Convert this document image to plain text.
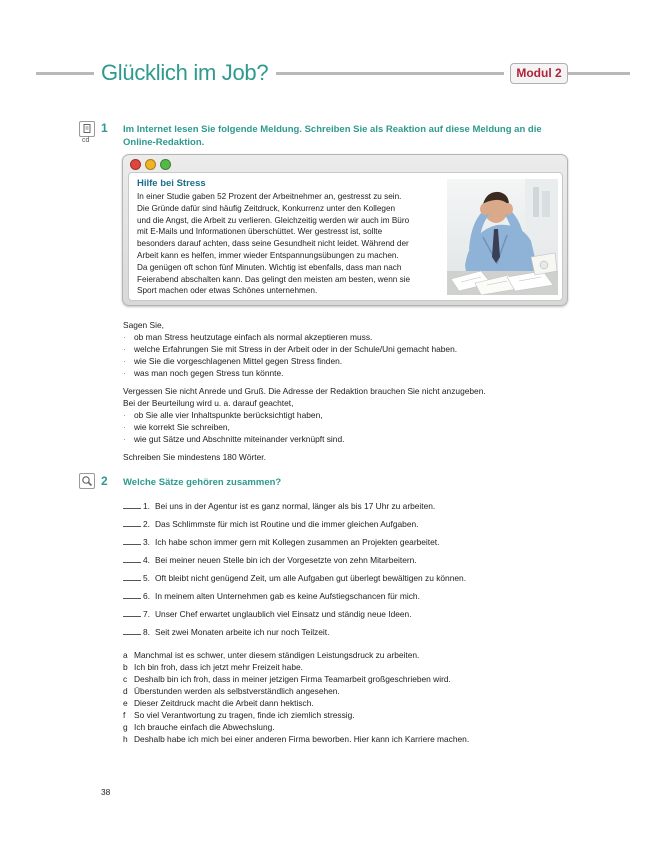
Glücklich im Job?	Modul 2
cd
1 Im Internet lesen Sie folgende Meldung. Schreiben Sie als Reaktion auf diese Meldung an die
Online-Redaktion.
Hilfe bei Stress
In einer Studie gaben 52 Prozent der Arbeitnehmer an, gestresst zu sein.
Die Gründe dafür sind häufig Zeitdruck, Konkurrenz unter den Kollegen
und die Angst, die Arbeit zu verlieren. Gleichzeitig werden wir auch im Büro
mit E-Mails und Informationen überschüttet. Wer gestresst ist, sollte
besonders darauf achten, dass seine Gesundheit nicht leidet. Während der
Arbeit kann es helfen, immer wieder Entspannungsübungen zu machen.
Da genügen oft schon fünf Minuten. Wichtig ist ebenfalls, dass man nach
Feierabend abschalten kann. Das gelingt den meisten am besten, wenn sie
Sport machen oder etwas Schönes unternehmen.
Sagen Sie,
· ob man Stress heutzutage einfach als normal akzeptieren muss.
· welche Erfahrungen Sie mit Stress in der Arbeit oder in der Schule/Uni gemacht haben.
· wie Sie die vorgeschlagenen Mittel gegen Stress finden.
· was man noch gegen Stress tun könnte.
Vergessen Sie nicht Anrede und Gruß. Die Adresse der Redaktion brauchen Sie nicht anzugeben.
Bei der Beurteilung wird u. a. darauf geachtet,
· ob Sie alle vier Inhaltspunkte berücksichtigt haben,
· wie korrekt Sie schreiben,
· wie gut Sätze und Abschnitte miteinander verknüpft sind.
Schreiben Sie mindestens 180 Wörter.
2 Welche Sätze gehören zusammen?
1. Bei uns in der Agentur ist es ganz normal, länger als bis 17 Uhr zu arbeiten.
2. Das Schlimmste für mich ist Routine und die immer gleichen Aufgaben.
3. Ich habe schon immer gern mit Kollegen zusammen an Projekten gearbeitet.
4. Bei meiner neuen Stelle bin ich der Vorgesetzte von zehn Mitarbeitern.
5. Oft bleibt nicht genügend Zeit, um alle Aufgaben gut überlegt bewältigen zu können.
6. In meinem alten Unternehmen gab es keine Aufstiegschancen für mich.
7. Unser Chef erwartet unglaublich viel Einsatz und ständig neue Ideen.
8. Seit zwei Monaten arbeite ich nur noch Teilzeit.
a Manchmal ist es schwer, unter diesem ständigen Leistungsdruck zu arbeiten.
b Ich bin froh, dass ich jetzt mehr Freizeit habe.
c Deshalb bin ich froh, dass in meiner jetzigen Firma Teamarbeit großgeschrieben wird.
d Überstunden werden als selbstverständlich angesehen.
e Dieser Zeitdruck macht die Arbeit dann hektisch.
f So viel Verantwortung zu tragen, finde ich ziemlich stressig.
g Ich brauche einfach die Abwechslung.
h Deshalb habe ich mich bei einer anderen Firma beworben. Hier kann ich Karriere machen.
38
